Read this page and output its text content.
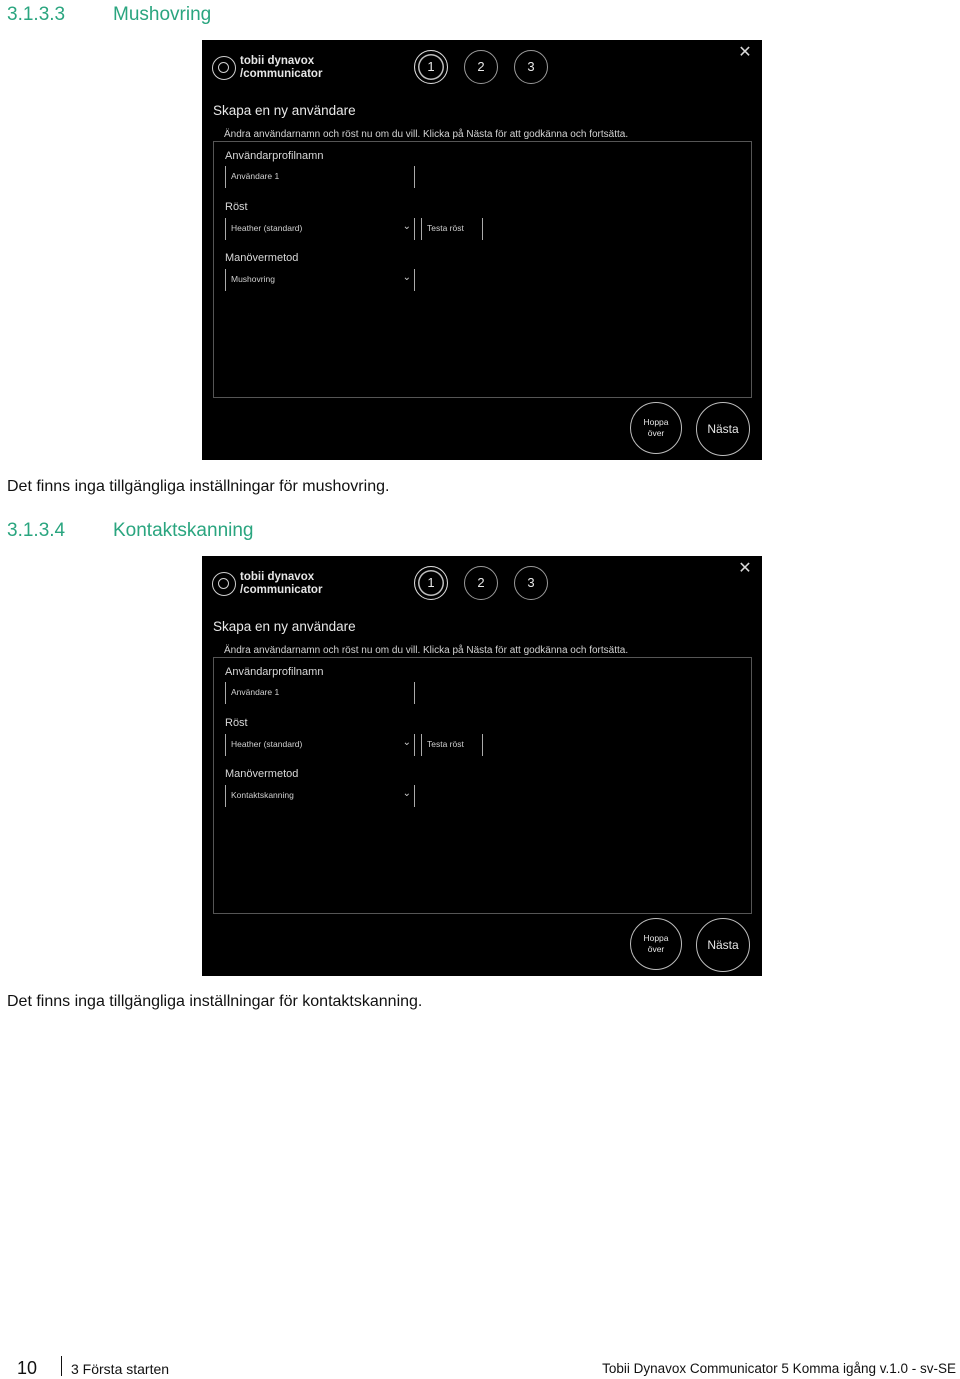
3.1.3.3	Mushovring
tobii dynavox
/communicator	1	2	3
✕
Skapa en ny användare
Ändra användarnamn och röst nu om du vill. Klicka på Nästa för att godkänna och fortsätta.
Användarprofilnamn
Användare 1
Röst
Heather (standard)	⌄ Testa röst
Manövermetod
Mushovring	⌄
Hoppa
över	Nästa
Det finns inga tillgängliga inställningar för mushovring.
3.1.3.4	Kontaktskanning
tobii dynavox
/communicator	1	2	3
✕
Skapa en ny användare
Ändra användarnamn och röst nu om du vill. Klicka på Nästa för att godkänna och fortsätta.
Användarprofilnamn
Användare 1
Röst
Heather (standard)	⌄ Testa röst
Manövermetod
Kontaktskanning	⌄
Hoppa
över	Nästa
Det finns inga tillgängliga inställningar för kontaktskanning.
10 3 Första starten	Tobii Dynavox Communicator 5 Komma igång v.1.0 - sv-SE
